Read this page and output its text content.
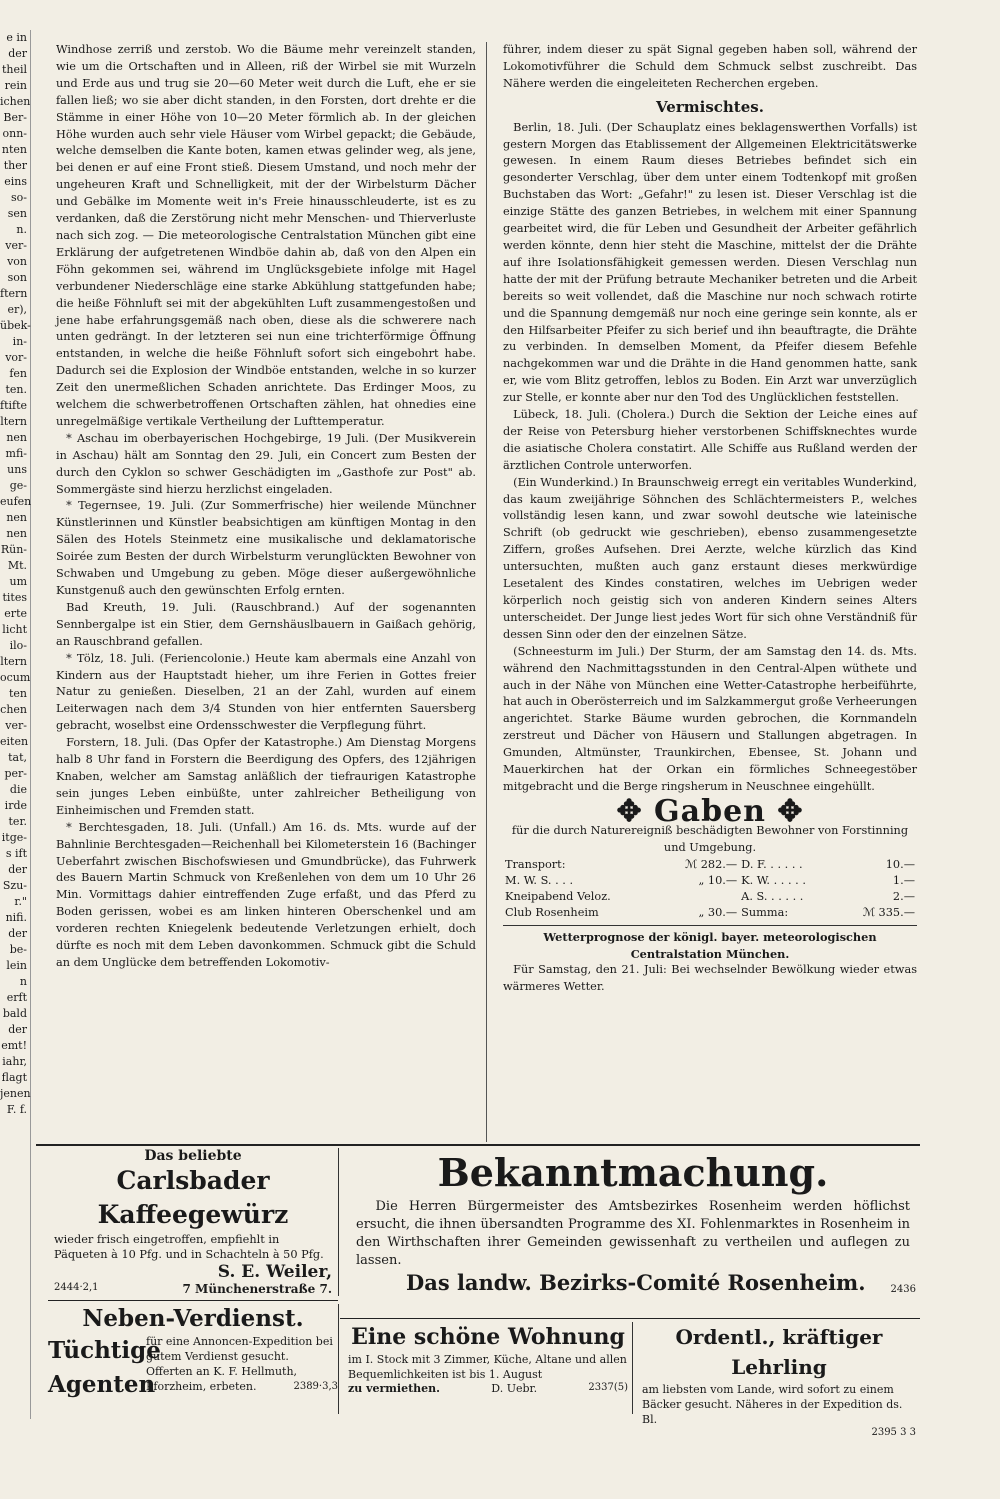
e in
der
theil
rein
ichen
Ber-
onn-
nten
ther
eins
so-
sen
n.
ver-
von
son
ftern
er),
übek-
in-
vor-
fen
ten.
ftifte
ltern
nen
mfi-
uns
ge-
eufen
nen
nen
Rün-
Mt.
um
tites
erte
licht
ilo-
ltern
ocum
ten
chen
ver-
eiten
tat,
per-
die
irde
ter.
itge-
s ift
der
Szu-
r."
nifi.
der
be-
lein
n
erft
bald
der
emt!
iahr,
flagt
jenen
F. f.

Windhose zerriß und zerstob. Wo die Bäume mehr vereinzelt standen, wie um die Ortschaften und in Alleen, riß der Wirbel sie mit Wurzeln und Erde aus und trug sie 20—60 Meter weit durch die Luft, ehe er sie fallen ließ; wo sie aber dicht standen, in den Forsten, dort drehte er die Stämme in einer Höhe von 10—20 Meter förmlich ab. In der gleichen Höhe wurden auch sehr viele Häuser vom Wirbel gepackt; die Gebäude, welche demselben die Kante boten, kamen etwas gelinder weg, als jene, bei denen er auf eine Front stieß. Diesem Umstand, und noch mehr der ungeheuren Kraft und Schnelligkeit, mit der der Wirbelsturm Dächer und Gebälke im Momente weit in's Freie hinausschleuderte, ist es zu verdanken, daß die Zerstörung nicht mehr Menschen- und Thierverluste nach sich zog. — Die meteorologische Centralstation München gibt eine Erklärung der aufgetretenen Windböe dahin ab, daß von den Alpen ein Föhn gekommen sei, während im Unglücksgebiete infolge mit Hagel verbundener Niederschläge eine starke Abkühlung stattgefunden habe; die heiße Föhnluft sei mit der abgekühlten Luft zusammengestoßen und jene habe erfahrungsgemäß nach oben, diese als die schwerere nach unten gedrängt. In der letzteren sei nun eine trichterförmige Öffnung entstanden, in welche die heiße Föhnluft sofort sich eingebohrt habe. Dadurch sei die Explosion der Windböe entstanden, welche in so kurzer Zeit den unermeßlichen Schaden anrichtete. Das Erdinger Moos, zu welchem die schwerbetroffenen Ortschaften zählen, hat ohnedies eine unregelmäßige vertikale Vertheilung der Lufttemperatur.

* Aschau im oberbayerischen Hochgebirge, 19 Juli. (Der Musikverein in Aschau) hält am Sonntag den 29. Juli, ein Concert zum Besten der durch den Cyklon so schwer Geschädigten im „Gasthofe zur Post" ab. Sommergäste sind hierzu herzlichst eingeladen.

* Tegernsee, 19. Juli. (Zur Sommerfrische) hier weilende Münchner Künstlerinnen und Künstler beabsichtigen am künftigen Montag in den Sälen des Hotels Steinmetz eine musikalische und deklamatorische Soirée zum Besten der durch Wirbelsturm verunglückten Bewohner von Schwaben und Umgebung zu geben. Möge dieser außergewöhnliche Kunstgenuß auch den gewünschten Erfolg ernten.

Bad Kreuth, 19. Juli. (Rauschbrand.) Auf der sogenannten Sennbergalpe ist ein Stier, dem Gernshäuslbauern in Gaißach gehörig, an Rauschbrand gefallen.

* Tölz, 18. Juli. (Feriencolonie.) Heute kam abermals eine Anzahl von Kindern aus der Hauptstadt hieher, um ihre Ferien in Gottes freier Natur zu genießen. Dieselben, 21 an der Zahl, wurden auf einem Leiterwagen nach dem 3/4 Stunden von hier entfernten Sauersberg gebracht, woselbst eine Ordensschwester die Verpflegung führt.

Forstern, 18. Juli. (Das Opfer der Katastrophe.) Am Dienstag Morgens halb 8 Uhr fand in Forstern die Beerdigung des Opfers, des 12jährigen Knaben, welcher am Samstag anläßlich der tiefraurigen Katastrophe sein junges Leben einbüßte, unter zahlreicher Betheiligung von Einheimischen und Fremden statt.

* Berchtesgaden, 18. Juli. (Unfall.) Am 16. ds. Mts. wurde auf der Bahnlinie Berchtesgaden—Reichenhall bei Kilometerstein 16 (Bachinger Ueberfahrt zwischen Bischofswiesen und Gmundbrücke), das Fuhrwerk des Bauern Martin Schmuck von Kreßenlehen von dem um 10 Uhr 26 Min. Vormittags dahier eintreffenden Zuge erfaßt, und das Pferd zu Boden gerissen, wobei es am linken hinteren Oberschenkel und am vorderen rechten Kniegelenk bedeutende Verletzungen erhielt, doch dürfte es noch mit dem Leben davonkommen. Schmuck gibt die Schuld an dem Unglücke dem betreffenden Lokomotiv-

führer, indem dieser zu spät Signal gegeben haben soll, während der Lokomotivführer die Schuld dem Schmuck selbst zuschreibt. Das Nähere werden die eingeleiteten Recherchen ergeben.

Vermischtes.

Berlin, 18. Juli. (Der Schauplatz eines beklagenswerthen Vorfalls) ist gestern Morgen das Etablissement der Allgemeinen Elektricitätswerke gewesen. In einem Raum dieses Betriebes befindet sich ein gesonderter Verschlag, über dem unter einem Todtenkopf mit großen Buchstaben das Wort: „Gefahr!" zu lesen ist. Dieser Verschlag ist die einzige Stätte des ganzen Betriebes, in welchem mit einer Spannung gearbeitet wird, die für Leben und Gesundheit der Arbeiter gefährlich werden könnte, denn hier steht die Maschine, mittelst der die Drähte auf ihre Isolationsfähigkeit gemessen werden. Diesen Verschlag nun hatte der mit der Prüfung betraute Mechaniker betreten und die Arbeit bereits so weit vollendet, daß die Maschine nur noch schwach rotirte und die Spannung demgemäß nur noch eine geringe sein konnte, als er den Hilfsarbeiter Pfeifer zu sich berief und ihn beauftragte, die Drähte zu verbinden. In demselben Moment, da Pfeifer diesem Befehle nachgekommen war und die Drähte in die Hand genommen hatte, sank er, wie vom Blitz getroffen, leblos zu Boden. Ein Arzt war unverzüglich zur Stelle, er konnte aber nur den Tod des Unglücklichen feststellen.

Lübeck, 18. Juli. (Cholera.) Durch die Sektion der Leiche eines auf der Reise von Petersburg hieher verstorbenen Schiffsknechtes wurde die asiatische Cholera constatirt. Alle Schiffe aus Rußland werden der ärztlichen Controle unterworfen.

(Ein Wunderkind.) In Braunschweig erregt ein veritables Wunderkind, das kaum zweijährige Söhnchen des Schlächtermeisters P., welches vollständig lesen kann, und zwar sowohl deutsche wie lateinische Schrift (ob gedruckt wie geschrieben), ebenso zusammengesetzte Ziffern, großes Aufsehen. Drei Aerzte, welche kürzlich das Kind untersuchten, mußten auch ganz erstaunt dieses merkwürdige Lesetalent des Kindes constatiren, welches im Uebrigen weder körperlich noch geistig sich von anderen Kindern seines Alters unterscheidet. Der Junge liest jedes Wort für sich ohne Verständniß für dessen Sinn oder den der einzelnen Sätze.

(Schneesturm im Juli.) Der Sturm, der am Samstag den 14. ds. Mts. während den Nachmittagsstunden in den Central-Alpen wüthete und auch in der Nähe von München eine Wetter-Catastrophe herbeiführte, hat auch in Oberösterreich und im Salzkammergut große Verheerungen angerichtet. Starke Bäume wurden gebrochen, die Kornmandeln zerstreut und Dächer von Häusern und Stallungen abgetragen. In Gmunden, Altmünster, Traunkirchen, Ebensee, St. Johann und Mauerkirchen hat der Orkan ein förmliches Schneegestöber mitgebracht und die Berge ringsherum in Neuschnee eingehüllt.

✥ Gaben ✥
für die durch Naturereigniß beschädigten Bewohner von Forstinning und Umgebung.
Transport:	ℳ 282.—	D. F. . . . . .	10.—
M. W. S. . . .	„ 10.—	K. W. . . . . .	1.—
Kneipabend Veloz.		A. S. . . . . .	2.—
Club Rosenheim	„ 30.—	Summa:	ℳ 335.—
Wetterprognose der königl. bayer. meteorologischen Centralstation München.

Für Samstag, den 21. Juli: Bei wechselnder Bewölkung wieder etwas wärmeres Wetter.

Das beliebte
Carlsbader Kaffeegewürz
wieder frisch eingetroffen, empfiehlt in Päqueten à 10 Pfg. und in Schachteln à 50 Pfg.
S. E. Weiler,
2444·2,1	7 Münchenerstraße 7.
Bekanntmachung.

Die Herren Bürgermeister des Amtsbezirkes Rosenheim werden höflichst ersucht, die ihnen übersandten Programme des XI. Fohlenmarktes in Rosenheim in den Wirthschaften ihrer Gemeinden gewissenhaft zu vertheilen und auflegen zu lassen.

Das landw. Bezirks-Comité Rosenheim. 2436
Neben-Verdienst.
Tüchtige
Agenten
für eine Annoncen-Expedition bei gutem Verdienst gesucht. Offerten an K. F. Hellmuth, Pforzheim, erbeten.	2389·3,3
Eine schöne Wohnung
im I. Stock mit 3 Zimmer, Küche, Altane und allen Bequemlichkeiten ist bis 1. August
zu vermiethen.	D. Uebr.	2337(5)
Ordentl., kräftiger Lehrling
am liebsten vom Lande, wird sofort zu einem Bäcker gesucht. Näheres in der Expedition ds. Bl.
2395 3 3
